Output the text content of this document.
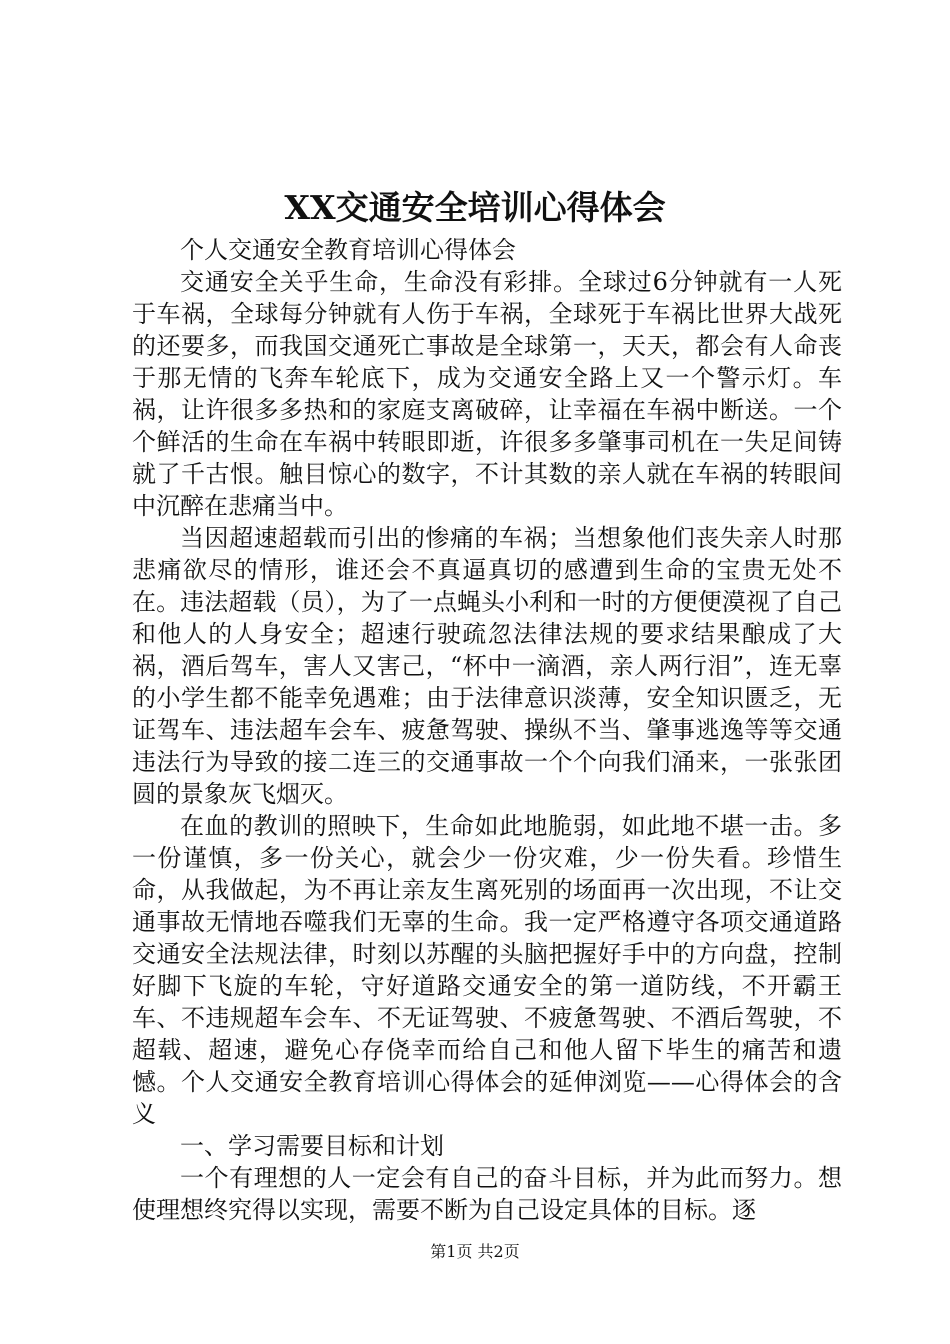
XX交通安全培训心得体会

个人交通安全教育培训心得体会

交通安全关乎生命，生命没有彩排。全球过6分钟就有一人死于车祸，全球每分钟就有人伤于车祸，全球死于车祸比世界大战死的还要多，而我国交通死亡事故是全球第一，天天，都会有人命丧于那无情的飞奔车轮底下，成为交通安全路上又一个警示灯。车祸，让许很多多热和的家庭支离破碎，让幸福在车祸中断送。一个个鲜活的生命在车祸中转眼即逝，许很多多肇事司机在一失足间铸就了千古恨。触目惊心的数字，不计其数的亲人就在车祸的转眼间中沉醉在悲痛当中。

当因超速超载而引出的惨痛的车祸；当想象他们丧失亲人时那悲痛欲尽的情形，谁还会不真逼真切的感遭到生命的宝贵无处不在。违法超载（员），为了一点蝇头小利和一时的方便便漠视了自己和他人的人身安全；超速行驶疏忽法律法规的要求结果酿成了大祸，酒后驾车，害人又害己，“杯中一滴酒，亲人两行泪”，连无辜的小学生都不能幸免遇难；由于法律意识淡薄，安全知识匮乏，无证驾车、违法超车会车、疲惫驾驶、操纵不当、肇事逃逸等等交通违法行为导致的接二连三的交通事故一个个向我们涌来，一张张团圆的景象灰飞烟灭。

在血的教训的照映下，生命如此地脆弱，如此地不堪一击。多一份谨慎，多一份关心，就会少一份灾难，少一份失看。珍惜生命，从我做起，为不再让亲友生离死别的场面再一次出现，不让交通事故无情地吞噬我们无辜的生命。我一定严格遵守各项交通道路交通安全法规法律，时刻以苏醒的头脑把握好手中的方向盘，控制好脚下飞旋的车轮，守好道路交通安全的第一道防线，不开霸王车、不违规超车会车、不无证驾驶、不疲惫驾驶、不酒后驾驶，不超载、超速，避免心存侥幸而给自己和他人留下毕生的痛苦和遗憾。个人交通安全教育培训心得体会的延伸浏览——心得体会的含义

一、学习需要目标和计划

一个有理想的人一定会有自己的奋斗目标，并为此而努力。想使理想终究得以实现，需要不断为自己设定具体的目标。逐

第1页 共2页
